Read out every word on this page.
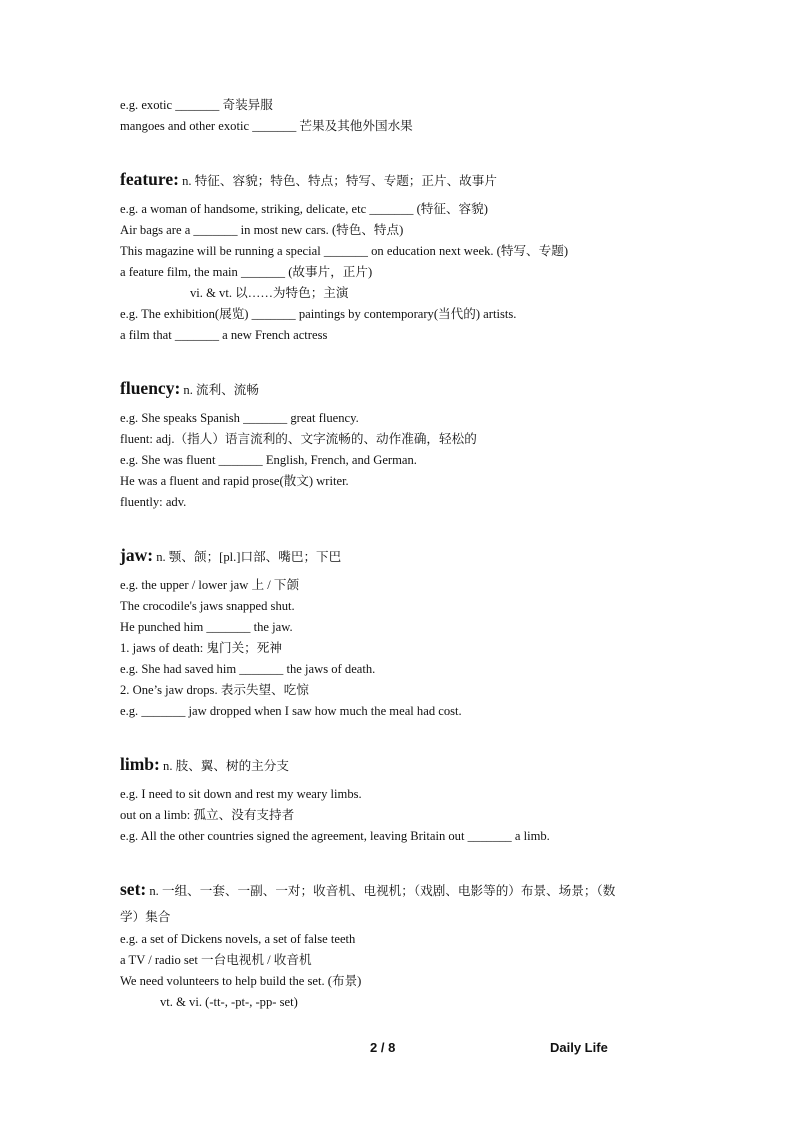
e.g. exotic _______ 奇装异服
mangoes and other exotic _______ 芒果及其他外国水果
feature: n. 特征、容貌；特色、特点；特写、专题；正片、故事片
e.g. a woman of handsome, striking, delicate, etc _______ (特征、容貌)
Air bags are a _______ in most new cars. (特色、特点)
This magazine will be running a special _______ on education next week. (特写、专题)
a feature film, the main _______ (故事片，正片)
vi. & vt. 以……为特色；主演
e.g. The exhibition(展览) _______ paintings by contemporary(当代的) artists.
a film that _______ a new French actress
fluency: n. 流利、流畅
e.g. She speaks Spanish _______ great fluency.
fluent: adj.（指人）语言流利的、文字流畅的、动作准确，轻松的
e.g. She was fluent _______ English, French, and German.
He was a fluent and rapid prose(散文) writer.
fluently: adv.
jaw: n. 颚、颌；[pl.]口部、嘴巴；下巴
e.g. the upper / lower jaw 上 / 下颌
The crocodile's jaws snapped shut.
He punched him _______ the jaw.
1. jaws of death: 鬼门关；死神
e.g. She had saved him _______ the jaws of death.
2. One’s jaw drops. 表示失望、吃惊
e.g. _______ jaw dropped when I saw how much the meal had cost.
limb: n. 肢、翼、树的主分支
e.g. I need to sit down and rest my weary limbs.
out on a limb: 孤立、没有支持者
e.g. All the other countries signed the agreement, leaving Britain out _______ a limb.
set: n. 一组、一套、一副、一对；收音机、电视机；（戏剧、电影等的）布景、场景；（数
学）集合
e.g. a set of Dickens novels, a set of false teeth
a TV / radio set 一台电视机 / 收音机
We need volunteers to help build the set. (布景)
vt. & vi. (-tt-, -pt-, -pp- set)
2 / 8	Daily Life
